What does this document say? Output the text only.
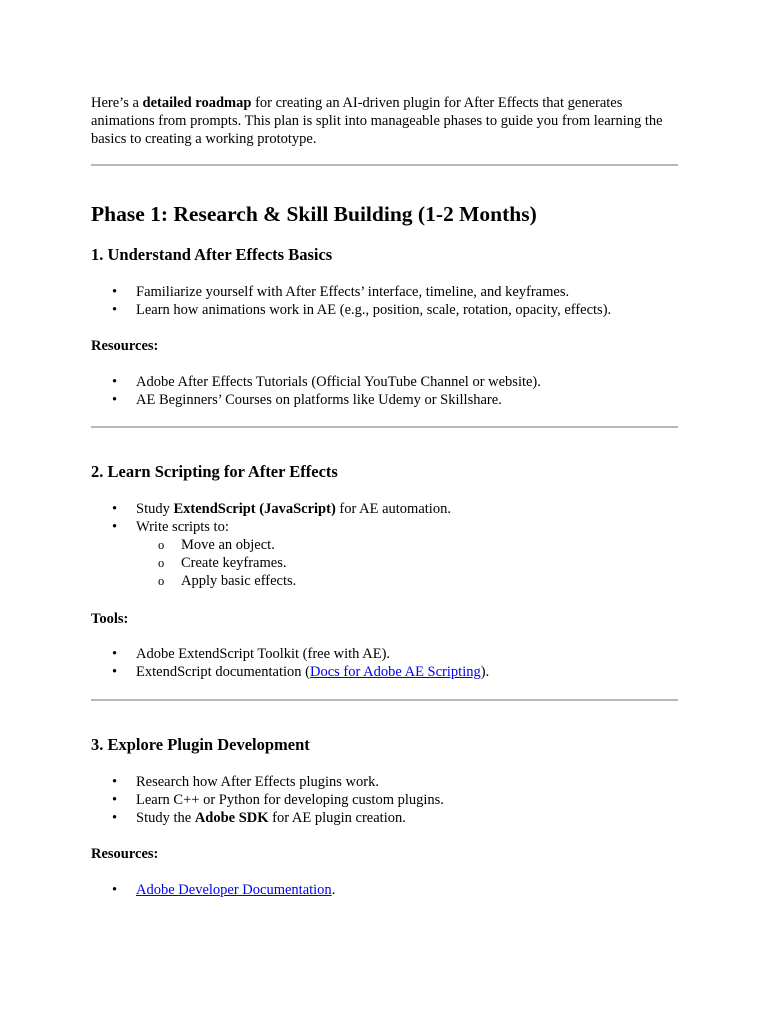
Here’s a detailed roadmap for creating an AI-driven plugin for After Effects that generates animations from prompts. This plan is split into manageable phases to guide you from learning the basics to creating a working prototype.
Phase 1: Research & Skill Building (1-2 Months)
1. Understand After Effects Basics
• Familiarize yourself with After Effects’ interface, timeline, and keyframes.
• Learn how animations work in AE (e.g., position, scale, rotation, opacity, effects).
Resources:
• Adobe After Effects Tutorials (Official YouTube Channel or website).
• AE Beginners’ Courses on platforms like Udemy or Skillshare.
2. Learn Scripting for After Effects
• Study ExtendScript (JavaScript) for AE automation.
• Write scripts to:
o Move an object.
o Create keyframes.
o Apply basic effects.
Tools:
• Adobe ExtendScript Toolkit (free with AE).
• ExtendScript documentation (Docs for Adobe AE Scripting).
3. Explore Plugin Development
• Research how After Effects plugins work.
• Learn C++ or Python for developing custom plugins.
• Study the Adobe SDK for AE plugin creation.
Resources:
• Adobe Developer Documentation.
